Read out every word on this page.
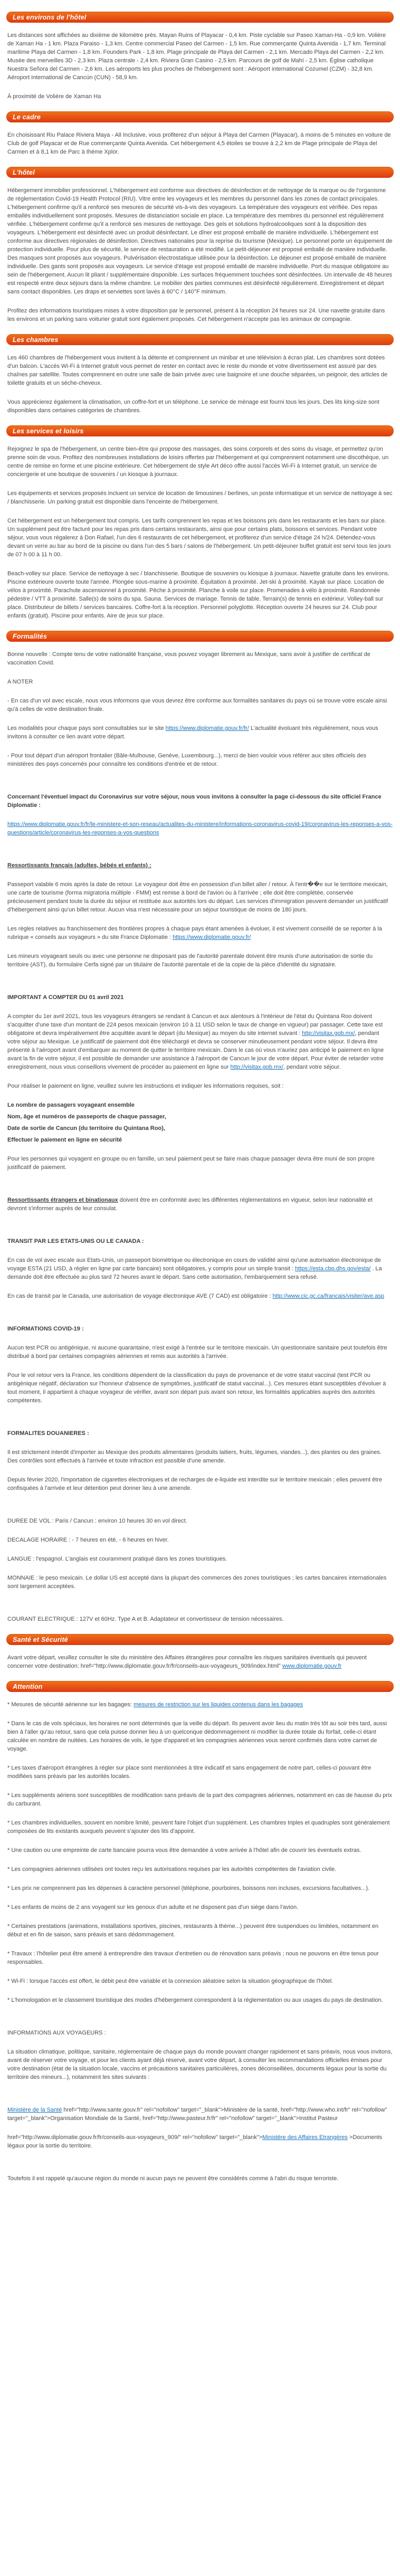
Les environs de l'hôtel
Les distances sont affichées au dixième de kilomètre près. Mayan Ruins of Playacar - 0,4 km. Piste cyclable sur Paseo Xaman-Ha - 0,9 km. Volière de Xaman Ha - 1 km. Plaza Paraiso - 1,3 km. Centre commercial Paseo del Carmen - 1,5 km. Rue commerçante Quinta Avenida - 1,7 km. Terminal maritime Playa del Carmen - 1,8 km. Founders Park - 1,8 km. Plage principale de Playa del Carmen - 2,1 km. Mercado Playa del Carmen - 2,2 km. Musée des merveilles 3D - 2,3 km. Plaza centrale - 2,4 km. Riviera Gran Casino - 2,5 km. Parcours de golf de Mahí - 2,5 km. Église catholique Nuestra Señora del Carmen - 2,6 km. Les aéroports les plus proches de l'hébergement sont : Aéroport international Cozumel (CZM) - 32,8 km. Aéroport international de Cancún (CUN) - 58,9 km.
À proximité de Volière de Xaman Ha
Le cadre
En choisissant Riu Palace Riviera Maya - All Inclusive, vous profiterez d'un séjour à Playa del Carmen (Playacar), à moins de 5 minutes en voiture de Club de golf Playacar et de Rue commerçante Quinta Avenida. Cet hébergement 4,5 étoiles se trouve à 2,2 km de Plage principale de Playa del Carmen et à 8,1 km de Parc à thème Xplor.
L'hôtel
Hébergement immobilier professionnel. L'hébergement est conforme aux directives de désinfection et de nettoyage de la marque ou de l'organisme de réglementation Covid-19 Health Protocol (RIU). Vitre entre les voyageurs et les membres du personnel dans les zones de contact principales. L'hébergement confirme qu'il a renforcé ses mesures de sécurité vis-à-vis des voyageurs. La température des voyageurs est vérifiée. Des repas emballés individuellement sont proposés. Mesures de distanciation sociale en place. La température des membres du personnel est régulièrement vérifiée. L'hébergement confirme qu'il a renforcé ses mesures de nettoyage. Des gels et solutions hydroalcooliques sont à la disposition des voyageurs. L'hébergement est désinfecté avec un produit désinfectant. Le dîner est proposé emballé de manière individuelle. L'hébergement est conforme aux directives régionales de désinfection. Directives nationales pour la reprise du tourisme (Mexique). Le personnel porte un équipement de protection individuelle. Pour plus de sécurité, le service de restauration a été modifié. Le petit-déjeuner est proposé emballé de manière individuelle. Des masques sont proposés aux voyageurs. Pulvérisation électrostatique utilisée pour la désinfection. Le déjeuner est proposé emballé de manière individuelle. Des gants sont proposés aux voyageurs. Le service d'étage est proposé emballé de manière individuelle. Port du masque obligatoire au sein de l'hébergement. Aucun lit pliant / supplémentaire disponible. Les surfaces fréquemment touchées sont désinfectées. Un intervalle de 48 heures est respecté entre deux séjours dans la même chambre. Le mobilier des parties communes est désinfecté régulièrement. Enregistrement et départ sans contact disponibles. Les draps et serviettes sont lavés à 60°C / 140°F minimum.
Profitez des informations touristiques mises à votre disposition par le personnel, présent à la réception 24 heures sur 24. Une navette gratuite dans les environs et un parking sans voiturier gratuit sont également proposés. Cet hébergement n'accepte pas les animaux de compagnie.
Les chambres
Les 460 chambres de l'hébergement vous invitent à la détente et comprennent un minibar et une télévision à écran plat. Les chambres sont dotées d'un balcon. L'accès Wi-Fi à Internet gratuit vous permet de rester en contact avec le reste du monde et votre divertissement est assuré par des chaînes par satellite. Toutes comprennent en outre une salle de bain privée avec une baignoire et une douche séparées, un peignoir, des articles de toilette gratuits et un sèche-cheveux.
Vous apprécierez également la climatisation, un coffre-fort et un téléphone. Le service de ménage est fourni tous les jours. Des lits king-size sont disponibles dans certaines catégories de chambres.
Les services et loisirs
Rejoignez le spa de l'hébergement, un centre bien-être qui propose des massages, des soins corporels et des soins du visage, et permettez qu'on prenne soin de vous. Profitez des nombreuses installations de loisirs offertes par l'hébergement et qui comprennent notamment une discothèque, un centre de remise en forme et une piscine extérieure. Cet hébergement de style Art déco offre aussi l'accès Wi-Fi à Internet gratuit, un service de conciergerie et une boutique de souvenirs / un kiosque à journaux.
Les équipements et services proposés incluent un service de location de limousines / berlines, un poste informatique et un service de nettoyage à sec / blanchisserie. Un parking gratuit est disponible dans l'enceinte de l'hébergement.
Cet hébergement est un hébergement tout compris. Les tarifs comprennent les repas et les boissons pris dans les restaurants et les bars sur place. Un supplément peut être facturé pour les repas pris dans certains restaurants, ainsi que pour certains plats, boissons et services. Pendant votre séjour, vous vous régalerez à Don Rafael, l'un des 6 restaurants de cet hébergement, et profiterez d'un service d'étage 24 h/24. Détendez-vous devant un verre au bar au bord de la piscine ou dans l'un des 5 bars / salons de l'hébergement. Un petit-déjeuner buffet gratuit est servi tous les jours de 07 h 00 à 11 h 00.
Beach-volley sur place. Service de nettoyage à sec / blanchisserie. Boutique de souvenirs ou kiosque à journaux. Navette gratuite dans les environs. Piscine extérieure ouverte toute l'année. Plongée sous-marine à proximité. Équitation à proximité. Jet-ski à proximité. Kayak sur place. Location de vélos à proximité. Parachute ascensionnel à proximité. Pêche à proximité. Planche à voile sur place. Promenades à vélo à proximité. Randonnée pédestre / VTT à proximité. Salle(s) de soins du spa. Sauna. Services de mariage. Tennis de table. Terrain(s) de tennis en extérieur. Volley-ball sur place. Distributeur de billets / services bancaires. Coffre-fort à la réception. Personnel polyglotte. Réception ouverte 24 heures sur 24. Club pour enfants (gratuit). Piscine pour enfants. Aire de jeux sur place.
Formalités
Bonne nouvelle : Compte tenu de votre nationalité française, vous pouvez voyager librement au Mexique, sans avoir à justifier de certificat de vaccination Covid.
A NOTER
- En cas d'un vol avec escale, nous vous informons que vous devrez être conforme aux formalités sanitaires du pays où se trouve votre escale ainsi qu'à celles de votre destination finale.
Les modalités pour chaque pays sont consultables sur le site https://www.diplomatie.gouv.fr/fr/ L'actualité évoluant très régulièrement, nous vous invitons à consulter ce lien avant votre départ.
- Pour tout départ d'un aéroport frontalier (Bâle-Mulhouse, Genève, Luxembourg...), merci de bien vouloir vous référer aux sites officiels des ministères des pays concernés pour connaître les conditions d'entrée et de retour.
Concernant l'éventuel impact du Coronavirus sur votre séjour, nous vous invitons à consulter la page ci-dessous du site officiel France Diplomatie :
https://www.diplomatie.gouv.fr/fr/le-ministere-et-son-reseau/actualites-du-ministere/informations-coronavirus-covid-19/coronavirus-les-reponses-a-vos-questions/article/coronavirus-les-reponses-a-vos-questions
Ressortissants français (adultes, bébés et enfants) :
Passeport valable 6 mois après la date de retour. Le voyageur doit être en possession d'un billet aller / retour. À l'entr��e sur le territoire mexicain, une carte de tourisme (forma migratoria múltiple - FMM) est remise à bord de l'avion ou à l'arrivée ; elle doit être complétée, conservée précieusement pendant toute la durée du séjour et restituée aux autorités lors du départ. Les services d'immigration peuvent demander un justificatif d'hébergement ainsi qu'un billet retour. Aucun visa n'est nécessaire pour un séjour touristique de moins de 180 jours.
Les règles relatives au franchissement des frontières propres à chaque pays étant amenées à évoluer, il est vivement conseillé de se reporter à la rubrique « conseils aux voyageurs » du site France Diplomatie : https://www.diplomatie.gouv.fr/
Les mineurs voyageant seuls ou avec une personne ne disposant pas de l'autorité parentale doivent être munis d'une autorisation de sortie du territoire (AST), du formulaire Cerfa signé par un titulaire de l'autorité parentale et de la copie de la pièce d'identité du signataire.
IMPORTANT A COMPTER DU 01 avril 2021
A compter du 1er avril 2021, tous les voyageurs étrangers se rendant à Cancun et aux alentours à l'intérieur de l'état du Quintana Roo doivent s'acquitter d'une taxe d'un montant de 224 pesos mexicain (environ 10 à 11 USD selon le taux de change en vigueur) par passager. Cette taxe est obligatoire et devra impérativement être acquittée avant le départ (du Mexique) au moyen du site internet suivant : http://visitax.gob.mx/, pendant votre séjour au Mexique. Le justificatif de paiement doit être téléchargé et devra se conserver minutieusement pendant votre séjour. Il devra être présenté à l'aéroport avant d'embarquer au moment de quitter le territoire mexicain. Dans le cas où vous n'auriez pas anticipé le paiement en ligne avant la fin de votre séjour, il est possible de demander une assistance à l'aéroport de Cancun le jour de votre départ. Pour éviter de retarder votre enregistrement, nous vous conseillons vivement de procéder au paiement en ligne sur http://visitax.gob.mx/, pendant votre séjour.
Pour réaliser le paiement en ligne, veuillez suivre les instructions et indiquer les informations requises, soit :
Le nombre de passagers voyageant ensemble
Nom, âge et numéros de passeports de chaque passager,
Date de sortie de Cancun (du territoire du Quintana Roo),
Effectuer le paiement en ligne en sécurité
Pour les personnes qui voyagent en groupe ou en famille, un seul paiement peut se faire mais chaque passager devra être muni de son propre justificatif de paiement.
Ressortissants étrangers et binationaux doivent être en conformité avec les différentes réglementations en vigueur, selon leur nationalité et devront s'informer auprès de leur consulat.
TRANSIT PAR LES ETATS-UNIS OU LE CANADA :
En cas de vol avec escale aux Etats-Unis, un passeport biométrique ou électronique en cours de validité ainsi qu'une autorisation électronique de voyage ESTA (21 USD, à régler en ligne par carte bancaire) sont obligatoires, y compris pour un simple transit : https://esta.cbp.dhs.gov/esta/ . La demande doit être effectuée au plus tard 72 heures avant le départ. Sans cette autorisation, l'embarquement sera refusé.
En cas de transit par le Canada, une autorisation de voyage électronique AVE (7 CAD) est obligatoire : http://www.cic.gc.ca/francais/visiter/ave.asp
INFORMATIONS COVID-19 :
Aucun test PCR ou antigénique, ni aucune quarantaine, n'est exigé à l'entrée sur le territoire mexicain. Un questionnaire sanitaire peut toutefois être distribué à bord par certaines compagnies aériennes et remis aux autorités à l'arrivée.
Pour le vol retour vers la France, les conditions dépendent de la classification du pays de provenance et de votre statut vaccinal (test PCR ou antigénique négatif, déclaration sur l'honneur d'absence de symptômes, justificatif de statut vaccinal...). Ces mesures étant susceptibles d'évoluer à tout moment, il appartient à chaque voyageur de vérifier, avant son départ puis avant son retour, les formalités applicables auprès des autorités compétentes.
FORMALITES DOUANIERES :
Il est strictement interdit d'importer au Mexique des produits alimentaires (produits laitiers, fruits, légumes, viandes...), des plantes ou des graines. Des contrôles sont effectués à l'arrivée et toute infraction est passible d'une amende.
Depuis février 2020, l'importation de cigarettes électroniques et de recharges de e-liquide est interdite sur le territoire mexicain ; elles peuvent être confisquées à l'arrivée et leur détention peut donner lieu à une amende.
DUREE DE VOL : Paris / Cancun : environ 10 heures 30 en vol direct.
DECALAGE HORAIRE : - 7 heures en été, - 6 heures en hiver.
LANGUE : l'espagnol. L'anglais est couramment pratiqué dans les zones touristiques.
MONNAIE : le peso mexicain. Le dollar US est accepté dans la plupart des commerces des zones touristiques ; les cartes bancaires internationales sont largement acceptées.
COURANT ELECTRIQUE : 127V et 60Hz. Type A et B. Adaptateur et convertisseur de tension nécessaires.
Santé et Sécurité
Avant votre départ, veuillez consulter le site du ministère des Affaires étrangères pour connaître les risques sanitaires éventuels qui peuvent concerner votre destination: href="http://www.diplomatie.gouv.fr/fr/conseils-aux-voyageurs_909/index.html" www.diplomatie.gouv.fr
Attention
* Mesures de sécurité aérienne sur les bagages: mesures de restriction sur les liquides contenus dans les bagages
* Dans le cas de vols spéciaux, les horaires ne sont déterminés que la veille du départ. Ils peuvent avoir lieu du matin très tôt au soir très tard, aussi bien à l'aller qu'au retour, sans que cela puisse donner lieu à un quelconque dédommagement ni modifier la durée totale du forfait, celle-ci étant calculée en nombre de nuitées. Les horaires de vols, le type d'appareil et les compagnies aériennes vous seront confirmés dans votre carnet de voyage.
* Les taxes d'aéroport étrangères à régler sur place sont mentionnées à titre indicatif et sans engagement de notre part, celles-ci pouvant être modifiées sans préavis par les autorités locales.
* Les suppléments aériens sont susceptibles de modification sans préavis de la part des compagnies aériennes, notamment en cas de hausse du prix du carburant.
* Les chambres individuelles, souvent en nombre limité, peuvent faire l'objet d'un supplément. Les chambres triples et quadruples sont généralement composées de lits existants auxquels peuvent s'ajouter des lits d'appoint.
* Une caution ou une empreinte de carte bancaire pourra vous être demandée à votre arrivée à l'hôtel afin de couvrir les éventuels extras.
* Les compagnies aériennes utilisées ont toutes reçu les autorisations requises par les autorités compétentes de l'aviation civile.
* Les prix ne comprennent pas les dépenses à caractère personnel (téléphone, pourboires, boissons non incluses, excursions facultatives...).
* Les enfants de moins de 2 ans voyagent sur les genoux d'un adulte et ne disposent pas d'un siège dans l'avion.
* Certaines prestations (animations, installations sportives, piscines, restaurants à thème...) peuvent être suspendues ou limitées, notamment en début et en fin de saison, sans préavis et sans dédommagement.
* Travaux : l'hôtelier peut être amené à entreprendre des travaux d'entretien ou de rénovation sans préavis ; nous ne pouvons en être tenus pour responsables.
* Wi-Fi : lorsque l'accès est offert, le débit peut être variable et la connexion aléatoire selon la situation géographique de l'hôtel.
* L'homologation et le classement touristique des modes d'hébergement correspondent à la réglementation ou aux usages du pays de destination.
INFORMATIONS AUX VOYAGEURS :
La situation climatique, politique, sanitaire, réglementaire de chaque pays du monde pouvant changer rapidement et sans préavis, nous vous invitons, avant de réserver votre voyage, et pour les clients ayant déjà réservé, avant votre départ, à consulter les recommandations officielles émises pour votre destination (état de la situation locale, vaccins et précautions sanitaires particulières, zones déconseillées, documents légaux pour la sortie du territoire des mineurs...), notamment les sites suivants :
Ministère de la Santé href="http://www.sante.gouv.fr" rel="nofollow" target="_blank">Ministère de la santé, href="http://www.who.int/fr" rel="nofollow" target="_blank">Organisation Mondiale de la Santé, href="http://www.pasteur.fr/fr" rel="nofollow" target="_blank">Institut Pasteur
href="http://www.diplomatie.gouv.fr/fr/conseils-aux-voyageurs_909/" rel="nofollow" target="_blank">Ministère des Affaires Etrangères >Documents légaux pour la sortie du territoire.
Toutefois il est rappelé qu'aucune région du monde ni aucun pays ne peuvent être considérés comme à l'abri du risque terroriste.
